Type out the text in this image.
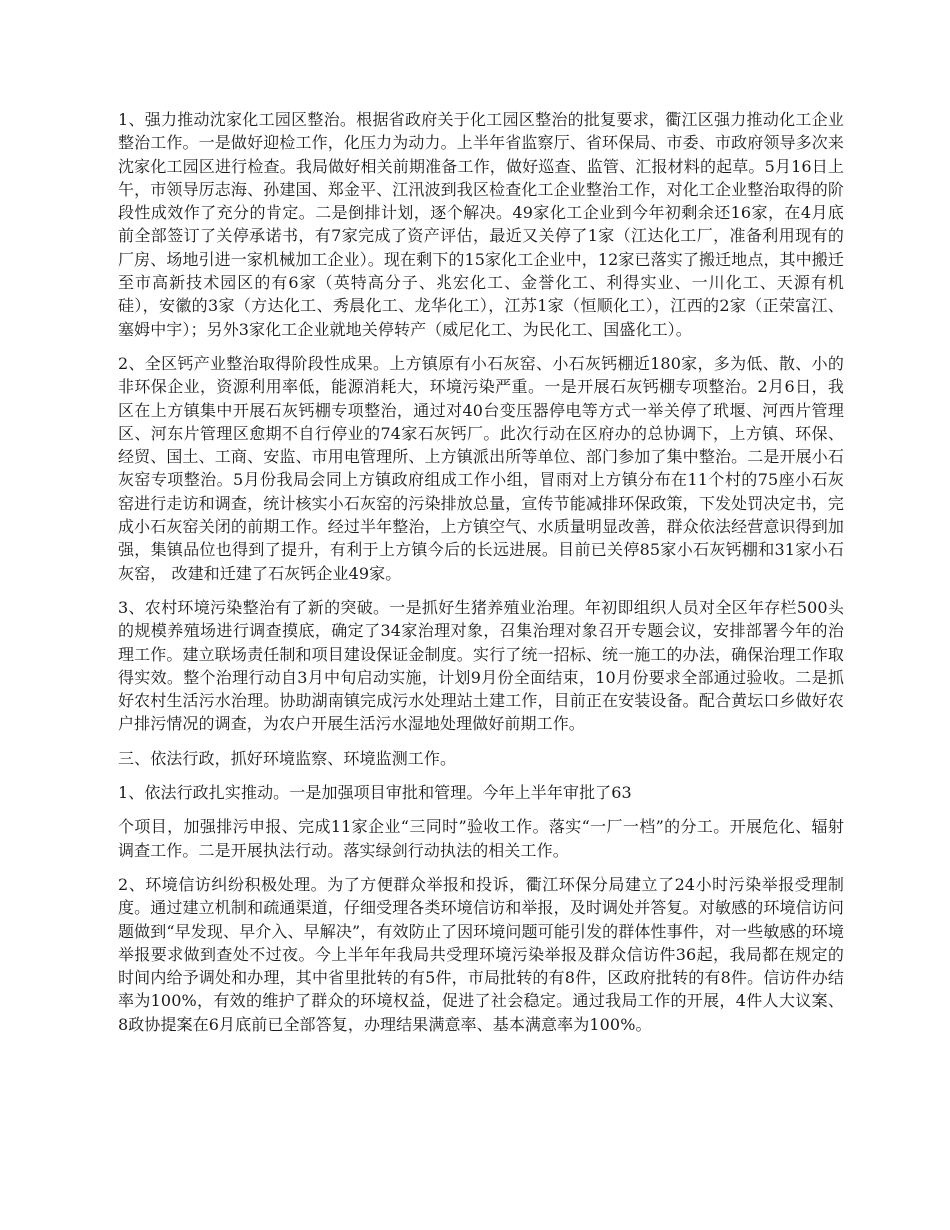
1、强力推动沈家化工园区整治。根据省政府关于化工园区整治的批复要求，衢江区强力推动化工企业整治工作。一是做好迎检工作，化压力为动力。上半年省监察厅、省环保局、市委、市政府领导多次来沈家化工园区进行检查。我局做好相关前期准备工作，做好巡查、监管、汇报材料的起草。5月16日上午，市领导厉志海、孙建国、郑金平、江汛波到我区检查化工企业整治工作，对化工企业整治取得的阶段性成效作了充分的肯定。二是倒排计划，逐个解决。49家化工企业到今年初剩余还16家，在4月底前全部签订了关停承诺书，有7家完成了资产评估，最近又关停了1家（江达化工厂，准备利用现有的厂房、场地引进一家机械加工企业）。现在剩下的15家化工企业中，12家已落实了搬迁地点，其中搬迁至市高新技术园区的有6家（英特高分子、兆宏化工、金誉化工、利得实业、一川化工、天源有机硅），安徽的3家（方达化工、秀晨化工、龙华化工），江苏1家（恒顺化工），江西的2家（正荣富江、塞姆中宇）；另外3家化工企业就地关停转产（威尼化工、为民化工、国盛化工）。

2、全区钙产业整治取得阶段性成果。上方镇原有小石灰窑、小石灰钙棚近180家，多为低、散、小的非环保企业，资源利用率低，能源消耗大，环境污染严重。一是开展石灰钙棚专项整治。2月6日，我区在上方镇集中开展石灰钙棚专项整治，通过对40台变压器停电等方式一举关停了玳堰、河西片管理区、河东片管理区愈期不自行停业的74家石灰钙厂。此次行动在区府办的总协调下，上方镇、环保、经贸、国土、工商、安监、市用电管理所、上方镇派出所等单位、部门参加了集中整治。二是开展小石灰窑专项整治。5月份我局会同上方镇政府组成工作小组，冒雨对上方镇分布在11个村的75座小石灰窑进行走访和调查，统计核实小石灰窑的污染排放总量，宣传节能减排环保政策，下发处罚决定书，完成小石灰窑关闭的前期工作。经过半年整治，上方镇空气、水质量明显改善，群众依法经营意识得到加强，集镇品位也得到了提升，有利于上方镇今后的长远进展。目前已关停85家小石灰钙棚和31家小石灰窑， 改建和迁建了石灰钙企业49家。

3、农村环境污染整治有了新的突破。一是抓好生猪养殖业治理。年初即组织人员对全区年存栏500头的规模养殖场进行调查摸底，确定了34家治理对象，召集治理对象召开专题会议，安排部署今年的治理工作。建立联场责任制和项目建设保证金制度。实行了统一招标、统一施工的办法，确保治理工作取得实效。整个治理行动自3月中旬启动实施，计划9月份全面结束，10月份要求全部通过验收。二是抓好农村生活污水治理。协助湖南镇完成污水处理站土建工作，目前正在安装设备。配合黄坛口乡做好农户排污情况的调查，为农户开展生活污水湿地处理做好前期工作。

三、依法行政，抓好环境监察、环境监测工作。

1、依法行政扎实推动。一是加强项目审批和管理。今年上半年审批了63

个项目，加强排污申报、完成11家企业“三同时”验收工作。落实“一厂一档”的分工。开展危化、辐射调查工作。二是开展执法行动。落实绿剑行动执法的相关工作。

2、环境信访纠纷积极处理。为了方便群众举报和投诉，衢江环保分局建立了24小时污染举报受理制度。通过建立机制和疏通渠道，仔细受理各类环境信访和举报，及时调处并答复。对敏感的环境信访问题做到“早发现、早介入、早解决”，有效防止了因环境问题可能引发的群体性事件，对一些敏感的环境举报要求做到查处不过夜。今上半年年我局共受理环境污染举报及群众信访件36起，我局都在规定的时间内给予调处和办理，其中省里批转的有5件，市局批转的有8件，区政府批转的有8件。信访件办结率为100%，有效的维护了群众的环境权益，促进了社会稳定。通过我局工作的开展，4件人大议案、8政协提案在6月底前已全部答复，办理结果满意率、基本满意率为100%。
